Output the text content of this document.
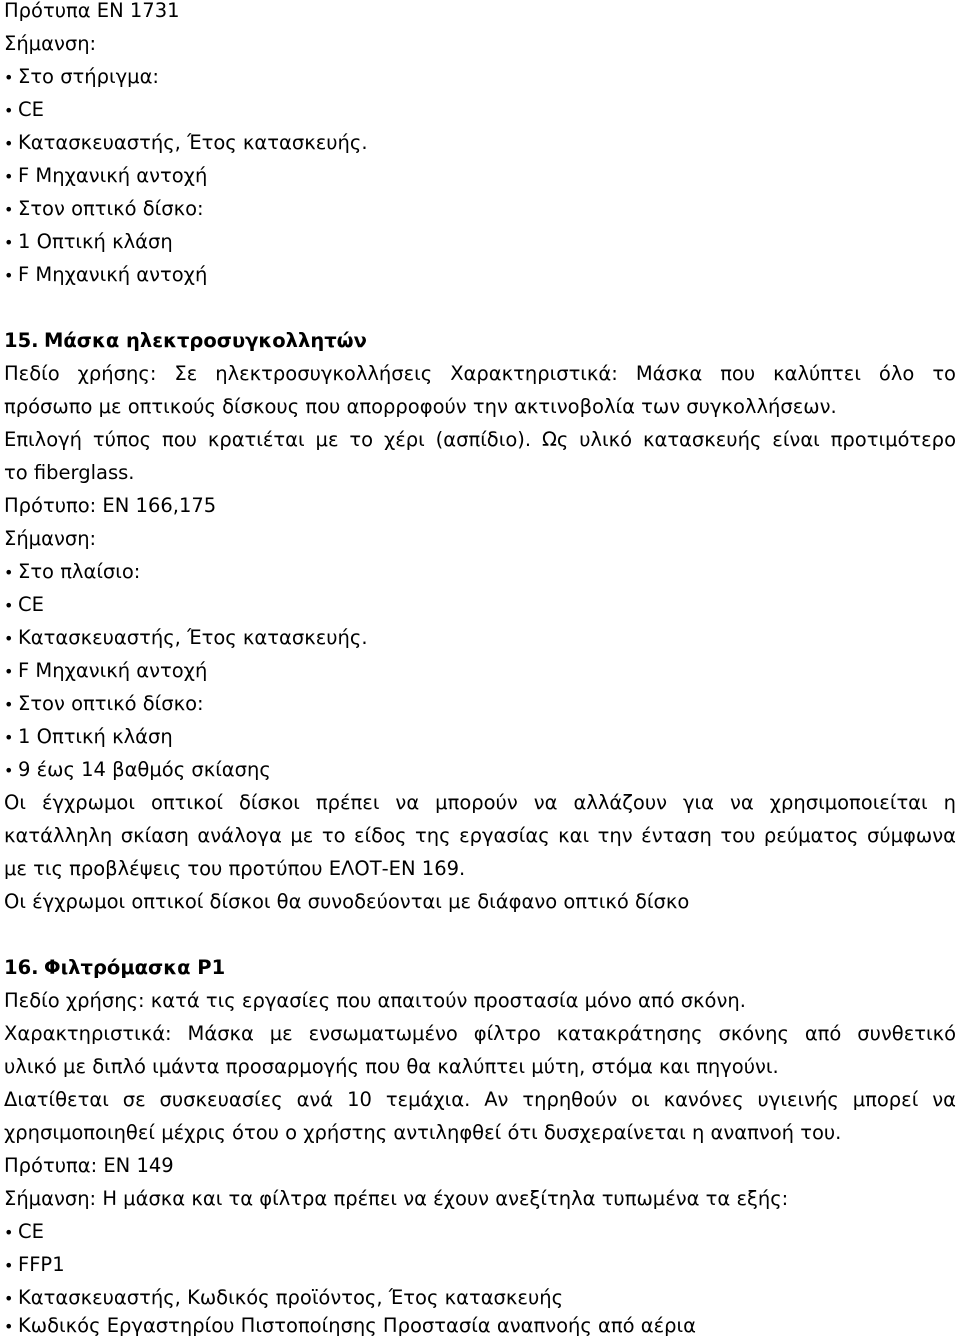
Πρότυπα EN 1731
Σήμανση:
• Στο στήριγμα:
• CE
• Κατασκευαστής, Έτος κατασκευής.
• F Μηχανική αντοχή
• Στον οπτικό δίσκο:
• 1 Οπτική κλάση
• F Μηχανική αντοχή
15. Μάσκα ηλεκτροσυγκολλητών
Πεδίο χρήσης: Σε ηλεκτροσυγκολλήσεις Χαρακτηριστικά: Μάσκα που καλύπτει όλο το
πρόσωπο με οπτικούς δίσκους που απορροφούν την ακτινοβολία των συγκολλήσεων.
Επιλογή τύπος που κρατιέται με το χέρι (ασπίδιο). Ως υλικό κατασκευής είναι προτιμότερο
το fiberglass.
Πρότυπο: EN 166,175
Σήμανση:
• Στο πλαίσιο:
• CE
• Κατασκευαστής, Έτος κατασκευής.
• F Μηχανική αντοχή
• Στον οπτικό δίσκο:
• 1 Οπτική κλάση
• 9 έως 14 βαθμός σκίασης
Οι έγχρωμοι οπτικοί δίσκοι πρέπει να μπορούν να αλλάζουν για να χρησιμοποιείται η
κατάλληλη σκίαση ανάλογα με το είδος της εργασίας και την ένταση του ρεύματος σύμφωνα
με τις προβλέψεις του προτύπου ΕΛΟΤ-EN 169.
Οι έγχρωμοι οπτικοί δίσκοι θα συνοδεύονται με διάφανο οπτικό δίσκο
16. Φιλτρόμασκα P1
Πεδίο χρήσης: κατά τις εργασίες που απαιτούν προστασία μόνο από σκόνη.
Χαρακτηριστικά: Μάσκα με ενσωματωμένο φίλτρο κατακράτησης σκόνης από συνθετικό
υλικό με διπλό ιμάντα προσαρμογής που θα καλύπτει μύτη, στόμα και πηγούνι.
Διατίθεται σε συσκευασίες ανά 10 τεμάχια. Αν τηρηθούν οι κανόνες υγιεινής μπορεί να
χρησιμοποιηθεί μέχρις ότου ο χρήστης αντιληφθεί ότι δυσχεραίνεται η αναπνοή του.
Πρότυπα: EN 149
Σήμανση: Η μάσκα και τα φίλτρα πρέπει να έχουν ανεξίτηλα τυπωμένα τα εξής:
• CE
• FFP1
• Κατασκευαστής, Κωδικός προϊόντος, Έτος κατασκευής
• Κωδικός Εργαστηρίου Πιστοποίησης Προστασία αναπνοής από αέρια
